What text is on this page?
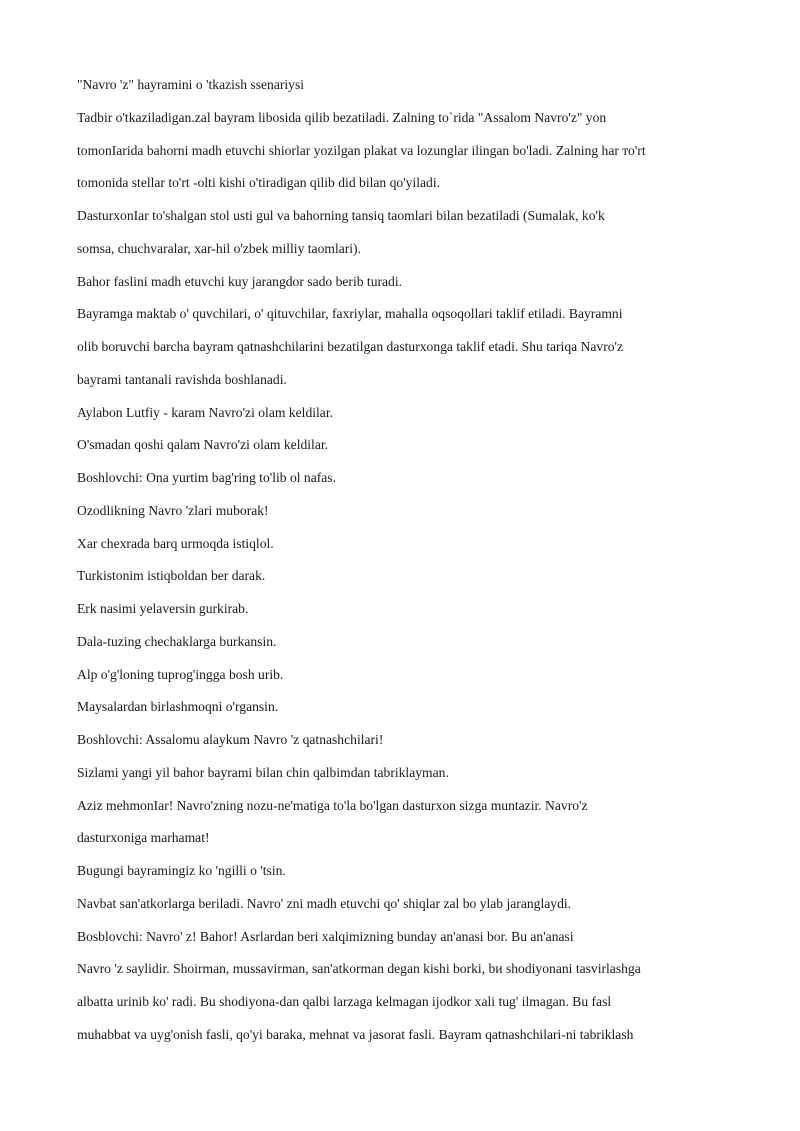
"Navro 'z" hayramini o 'tkazish ssenariysi
Tadbir o'tkaziladigan.zal bayram libosida qilib bezatiladi. Zalning to`rida "Assalom Navro'z" yon
tomonIarida bahorni madh etuvchi shiorlar yozilgan plakat va lozunglar ilingan bo'ladi. Zalning har то'rt
tomonida stellar to'rt -olti kishi o'tiradigan qilib did bilan qo'yiladi.
DasturxonIar to'shalgan stol usti gul va bahorning tansiq taomlari bilan bezatiladi (Sumalak, ko'k
somsa, chuchvaralar, xar-hil o'zbek milliy taomlari).
Bahor faslini madh etuvchi kuy jarangdor sado berib turadi.
Bayramga maktab o' quvchilari, o' qituvchilar, faxriylar, mahalla oqsoqollari taklif etiladi. Bayramni
olib boruvchi barcha bayram qatnashchilarini bezatilgan dasturxonga taklif etadi. Shu tariqa Navro'z
bayrami tantanali ravishda boshlanadi.
Aylabon Lutfiy - karam Navro'zi olam keldilar.
O'smadan qoshi qalam Navro'zi olam keldilar.
Boshlovchi: Ona yurtim bag'ring to'lib ol nafas.
Ozodlikning Navro 'zlari muborak!
Xar chexrada barq urmoqda istiqlol.
Turkistonim istiqboldan ber darak.
Erk nasimi yelaversin gurkirab.
Dala-tuzing chechaklarga burkansin.
Alp o'g'loning tuprog'ingga bosh urib.
Maysalardan birlashmoqni o'rgansin.
Boshlovchi: Assalomu alaykum Navro 'z qatnashchilari!
Sizlami yangi yil bahor bayrami bilan chin qalbimdan tabriklayman.
Aziz mehmonIar! Navro'zning nozu-ne'matiga to'la bo'lgan dasturxon sizga muntazir. Navro'z
dasturxoniga marhamat!
Bugungi bayramingiz ko 'ngilli o 'tsin.
Navbat san'atkorlarga beriladi. Navro' zni madh etuvchi qo' shiqlar zal bo ylab jaranglaydi.
Bosblovchi: Navro' z! Bahor! Asrlardan beri xalqimizning bunday an'anasi bor. Bu an'anasi
Navro 'z saylidir. Shoirman, mussavirman, san'atkorman degan kishi borki, bи shodiyonani tasvirlashga
albatta urinib ko' radi. Bu shodiyona-dan qalbi larzaga kelmagan ijodkor xali tug' ilmagan. Bu fasl
muhabbat va uyg'onish fasli, qo'yi baraka, mehnat va jasorat fasli. Bayram qatnashchilari-ni tabriklash
